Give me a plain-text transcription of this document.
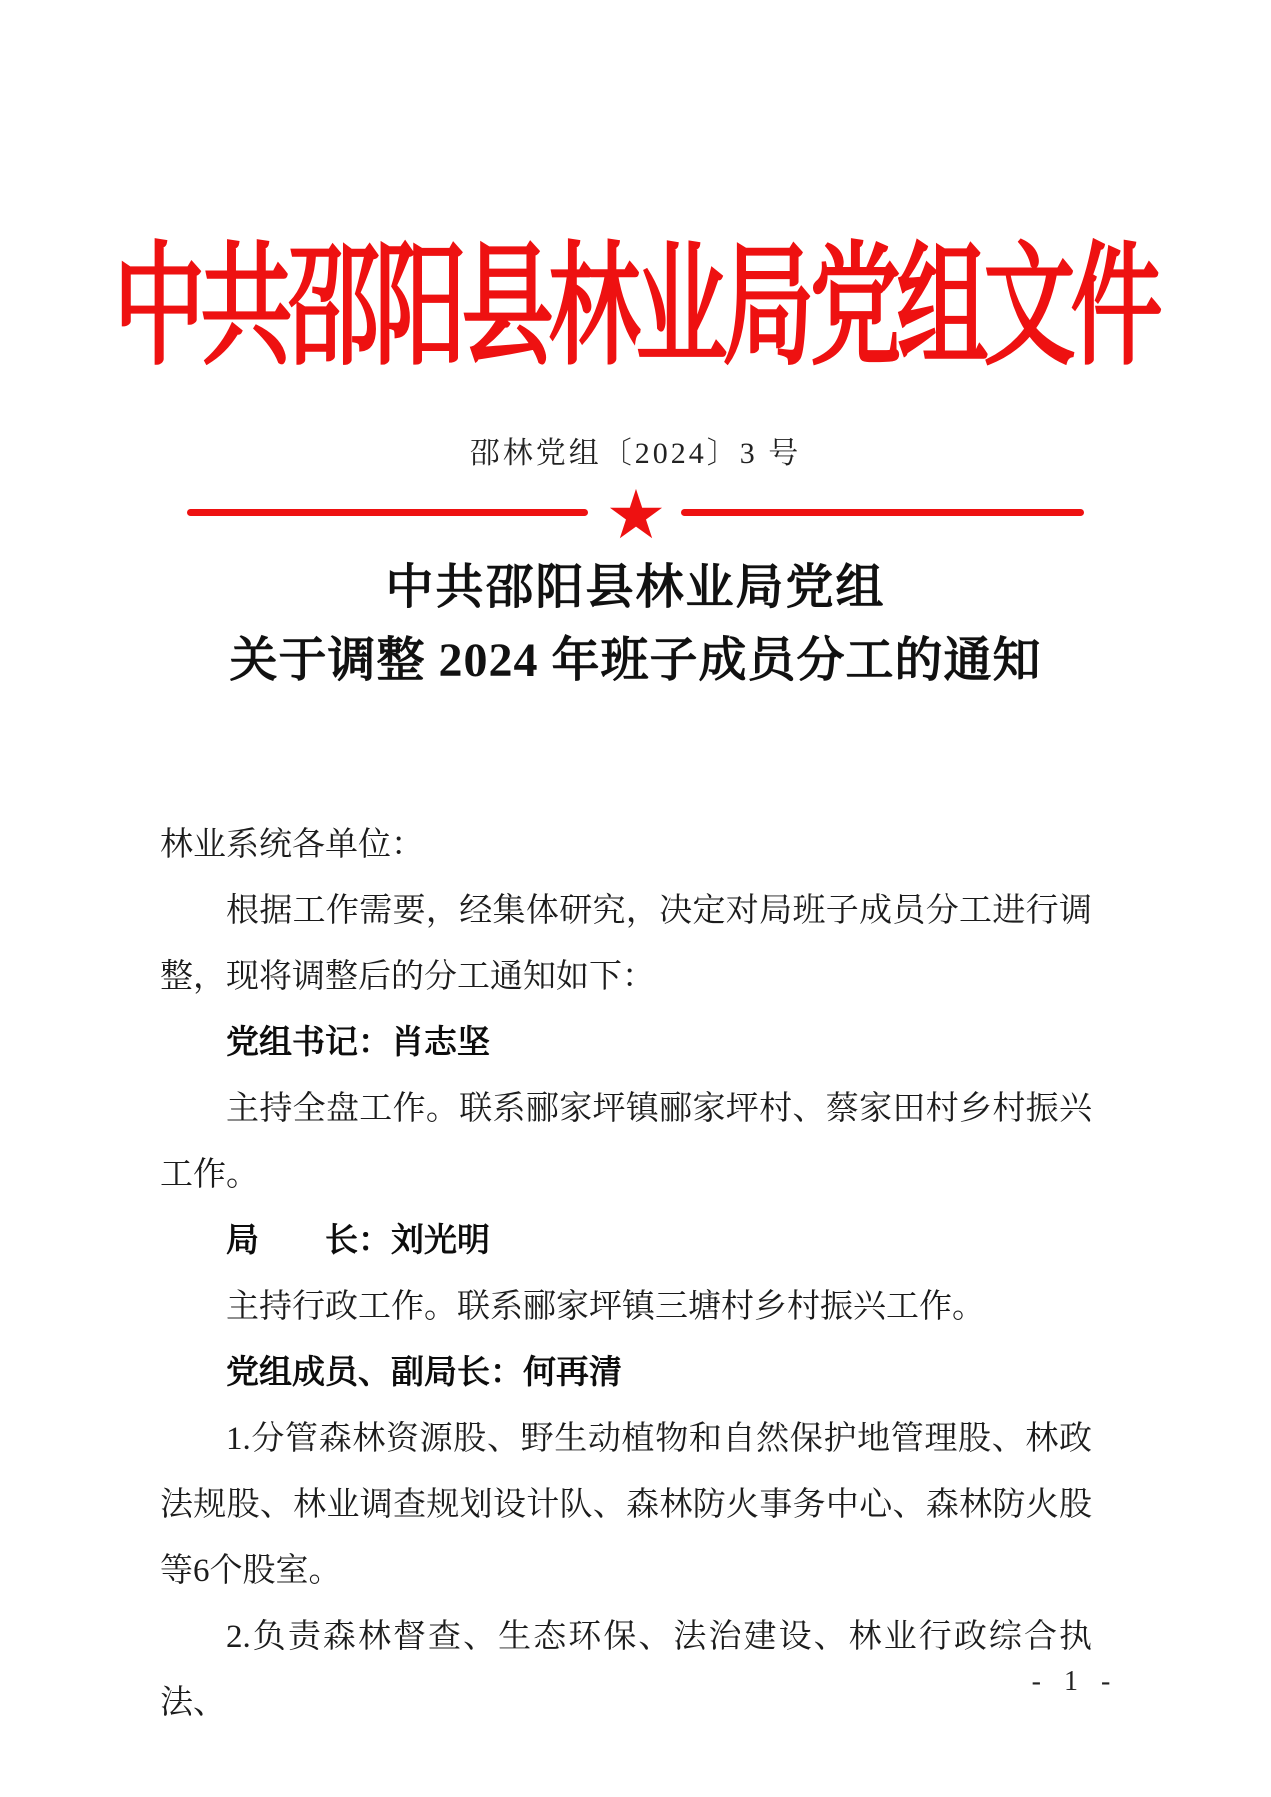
中共邵阳县林业局党组文件
邵林党组〔2024〕3 号
★
中共邵阳县林业局党组
关于调整 2024 年班子成员分工的通知

林业系统各单位：

根据工作需要，经集体研究，决定对局班子成员分工进行调整，现将调整后的分工通知如下：

党组书记：肖志坚

主持全盘工作。联系郦家坪镇郦家坪村、蔡家田村乡村振兴工作。

局　　长：刘光明

主持行政工作。联系郦家坪镇三塘村乡村振兴工作。

党组成员、副局长：何再清

1.分管森林资源股、野生动植物和自然保护地管理股、林政法规股、林业调查规划设计队、森林防火事务中心、森林防火股等6个股室。

2.负责森林督查、生态环保、法治建设、林业行政综合执法、

- 1 -
